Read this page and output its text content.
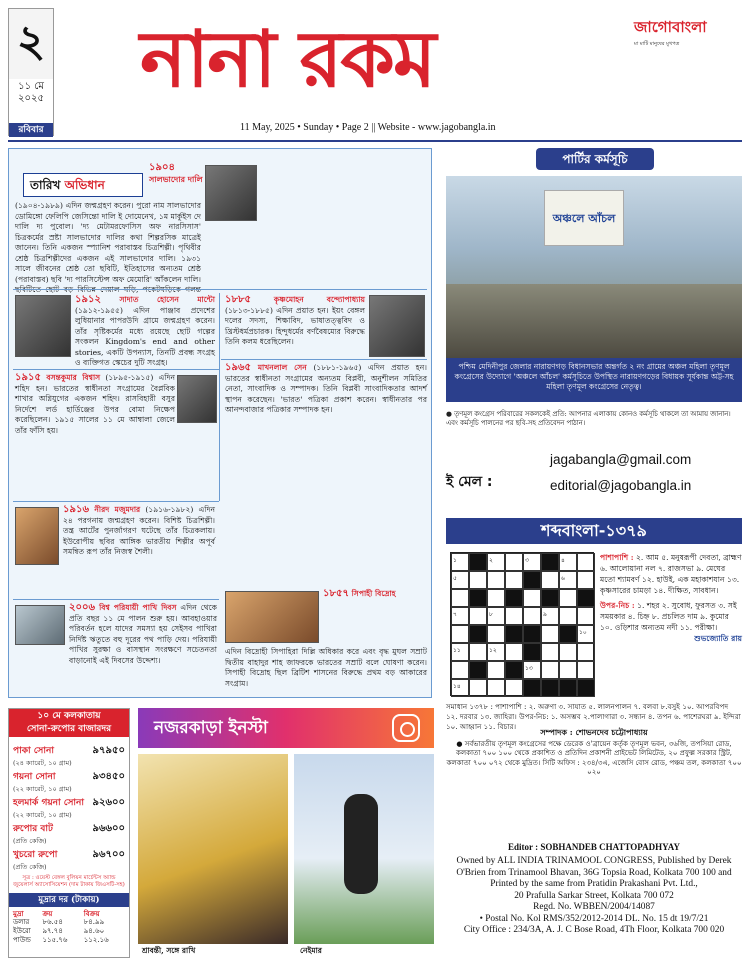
২
১১ মে
২০২৫
রবিবার
নানা রকম
11 May, 2025 • Sunday • Page 2 || Website - www.jagobangla.in
জাগোবাংলা
মা মাটি মানুষের মুখপত্র
তারিখ অভিধান
১৯০৪
সালভাদোর দালি
(১৯০৪-১৯৮৯) এদিন জন্মগ্রহণ করেন। পুরো নাম সালভাদোর ডোমিঙ্গো ফেলিপি জেসিন্তো দালি ই দোমেনেখ, ১ম মার্কুইস দে দালি দ্য পুবোল। 'দ্য মেটামরফোসিস অফ নারসিসাস' চিত্রকর্মের স্রষ্টা সালভাদোর দালির কথা শিল্পরসিক মাত্রেই জানেন। তিনি একজন স্প্যানিশ পরাবাস্তব চিত্রশিল্পী। পৃথিবীর শ্রেষ্ঠ চিত্রশিল্পীদের একজন এই সালভাদোর দালি। ১৯৩১ সালে জীবনের শ্রেষ্ঠ তো ছবিটি, ইতিহাসের অন্যতম শ্রেষ্ঠ (পরাবাস্তব) ছবি 'দ্য পারসিস্টেন্স অফ মেমোরি' আঁকলেন দালি।
১৯১২ সাদাত হোসেন মান্টো (১৯১২-১৯৫৫) এদিন পাঞ্জাব প্রদেশের লুধিয়ানার পাপরউদি গ্রামে জন্মগ্রহণ করেন। তাঁর সৃষ্টিকর্মের মধ্যে রয়েছে ছোট গল্পের সংকলন Kingdom's end and other stories, একটি উপন্যাস, তিনটি প্রবন্ধ সংগ্রহ ও ব্যক্তিগত স্কেচের দুটি সংগ্রহ।
১৮৮৫	কৃষ্ণমোহন বন্দ্যোপাধ্যায় (১৮১৩-১৮৮৫) এদিন প্রয়াত হন। ইয়ং বেঙ্গল দলের সদস্য, শিক্ষাবিদ, ভাষাতত্ত্ববিদ ও খ্রিস্টধর্মপ্রচারক। হিন্দুধর্মের বর্ণবৈষম্যের বিরুদ্ধে তিনি কলম ধরেছিলেন।
১৯১৫ বসন্তকুমার বিশ্বাস (১৮৯৫-১৯১৫) এদিন শহিদ হন। ভারতের স্বাধীনতা সংগ্রামের বৈপ্লবিক শাখার অগ্নিযুগের একজন শহিদ। রাসবিহারী বসুর নির্দেশে লর্ড হার্ডিঞ্জের উপর বোমা নিক্ষেপ করেছিলেন। ১৯১৫ সালের ১১ মে আম্বালা জেলে তাঁর ফাঁসি হয়।
১৯৬৫ মাখনলাল সেন (১৮৮১-১৯৬৫) এদিন প্রয়াত হন। ভারতের স্বাধীনতা সংগ্রামের অন্যতম বিপ্লবী, অনুশীলন সমিতির নেতা, সাংবাদিক ও সম্পাদক। তিনি বিপ্লবী সাংবাদিকতার আদর্শ স্থাপন করেছেন। 'ভারত' পত্রিকা প্রকাশ করেন। স্বাধীনতার পর আনন্দবাজার পত্রিকার সম্পাদক হন।
১৯১৬ নীরদ মজুমদার (১৯১৬-১৯৮২) এদিন ২৪ পরগনায় জন্মগ্রহণ করেন। বিশিষ্ট চিত্রশিল্পী। তন্ত্র আর্টের পুনর্জাগরণ ঘটেছে তাঁর চিত্রকলায়। ইউরোপীয় ছবির আঙ্গিক ভারতীয় শিল্পীর অপূর্ব সমন্বিত রূপ তাঁর নিজস্ব শৈলী।
২০০৬ বিশ্ব পরিযায়ী পাখি দিবস এদিন থেকে প্রতি বছর ১১ মে পালন শুরু হয়। আবহাওয়ার পরিবর্তন হলে যাদের সমস্যা হয় সেইসব পাখিরা নির্দিষ্ট ঋতুতে বহু দূরের পথ পাড়ি দেয়। পরিযায়ী পাখির সুরক্ষা ও বাসস্থান সংরক্ষণে সচেতনতা বাড়ানোই এই দিবসের উদ্দেশ্য।
১৮৫৭ সিপাহী বিদ্রোহ
এদিন বিদ্রোহী সিপাহিরা দিল্লি অধিকার করে এবং বৃদ্ধ মুঘল সম্রাট দ্বিতীয় বাহাদুর শাহ জাফরকে ভারতের সম্রাট বলে ঘোষণা করেন। সিপাহী বিদ্রোহ ছিল ব্রিটিশ শাসনের বিরুদ্ধে প্রথম বড় আকারের সংগ্রাম।
পার্টির কর্মসূচি
অঞ্চলে আঁচল
পশ্চিম মেদিনীপুর জেলার নারায়ণগড় বিধানসভার অন্তর্গত ২ নং গ্রামের অঞ্চল মহিলা তৃণমূল কংগ্রেসের উদ্যোগে 'অঞ্চলে আঁচল' কর্মসূচিতে উপস্থিত নারায়ণগড়ের বিধায়ক সূর্যকান্ত অট্ট-সহ মহিলা তৃণমূল কংগ্রেসের নেতৃত্ব।
● তৃণমূল কংগ্রেস পরিবারের সকলকেই প্রতি: আপনার এলাকায় কোনও কর্মসূচি থাকলে তা আমায় জানান। এবং কর্মসূচি পালনের পর ছবি-সহ প্রতিবেদন পাঠান।
ই মেল :
jagabangla@gmail.com
editorial@jagobangla.in
শব্দবাংলা-১৩৭৯
১	২	৩	৪
৫	৬
৭	৮	৯
১০
১১	১২
১৩
১৪
পাশাপাশি : ২. আম ৫. মনুষরূপী দেবতা, ব্রাহ্মণ ৬. আলোয়ানা নল ৭. রাজসভা ৯. মেঘের মতো শ্যামবর্ণ ১২. হাউই, এক মহাকাশযান ১৩. কৃষ্ণসারের চামড়া ১৪. দীক্ষিত, সাবধান।
উপর-নিচ : ১. শহর ২. সুবোধ, ফুরসত ৩. সই সময়কার ৪. চিহ্ন ৮. প্রচলিত দাম ৯. কুমোর ১০. ওড়িশার অন্যতম নদী ১১. পরীক্ষা।
শুভজ্যোতি রায়
সমাধান ১৩৭৮ : পাশাপাশি : ২. অরুণা ৩. সাযাত ৫. লালনপালন ৭. বলবা ৮.বসুই ১০. আপরবিপদ ১২. দরবার ১৩. জাহিরা। উপর-নিচ: ১. অসম্ভব ২.পালাগারা ৩. সন্ধান ৪. তপন ৬. পাশেরঘরা ৯. ইন্দিরা ১০. আহ্বান ১১. বিচার।
১০ মে কলকাতায়
সোনা-রুপোর বাজারদর
পাকা সোনা
(২৪ ক্যারেট, ১০ গ্রাম)
৯৭৯৫০
গয়না সোনা
(২২ ক্যারেট, ১০ গ্রাম)
৯৩৪৫০
হলমার্ক গয়না সোনা
(২২ ক্যারেট, ১০ গ্রাম)
৯২৬০০
রুপোর বাট
(প্রতি কেজি)
৯৬৬০০
খুচরো রুপো
(প্রতি কেজি)
৯৬৭০০
সূত্র : ওয়েস্ট বেঙ্গল বুলিয়ন মার্চেন্টস অ্যান্ড জুয়েলার্স অ্যাসোসিয়েশন (দাম টাকায় জিএসটি-সহ)
মুদ্রার দর (টাকায়)
মুদ্রা	ক্রয়	বিক্রয়
ডলার	৮৬.৫৪	৮৪.৯৯
ইউরো	৯৭.৭৪	৯৪.৬০
পাউন্ড	১১৫.৭৬	১১২.১৬
নজরকাড়া ইনস্টা
শ্রাবন্তী, সঙ্গে রাখি	নেইমার
সম্পাদক : শোভনদেব চট্টোপাধ্যায়
● সর্বভারতীয় তৃণমূল কংগ্রেসের পক্ষে ডেরেক ও'ব্রায়েন কর্তৃক তৃণমূল ভবন, ৩৬জি, তপসিয়া রোড, কলকাতা ৭০০ ১০০ থেকে প্রকাশিত ও প্রতিদিন প্রকাশনী প্রাইভেট লিমিটেড, ২০ প্রফুল্ল সরকার স্ট্রিট, কলকাতা ৭০০ ০৭২ থেকে মুদ্রিত। সিটি অফিস : ২৩৪/৩এ, এজেসি বোস রোড, পঞ্চম তল, কলকাতা ৭০০ ০২০
Editor : SOBHANDEB CHATTOPADHYAY
Owned by ALL INDIA TRINAMOOL CONGRESS, Published by Derek
O'Brien from Trinamool Bhavan, 36G Topsia Road, Kolkata 700 100 and
Printed by the same from Pratidin Prakashani Pvt. Ltd.,
20 Prafulla Sarkar Street, Kolkata 700 072
Regd. No. WBBEN/2004/14087
• Postal No. Kol RMS/352/2012-2014 DL. No. 15 dt 19/7/21
City Office : 234/3A, A. J. C Bose Road, 4Th Floor, Kolkata 700 020
